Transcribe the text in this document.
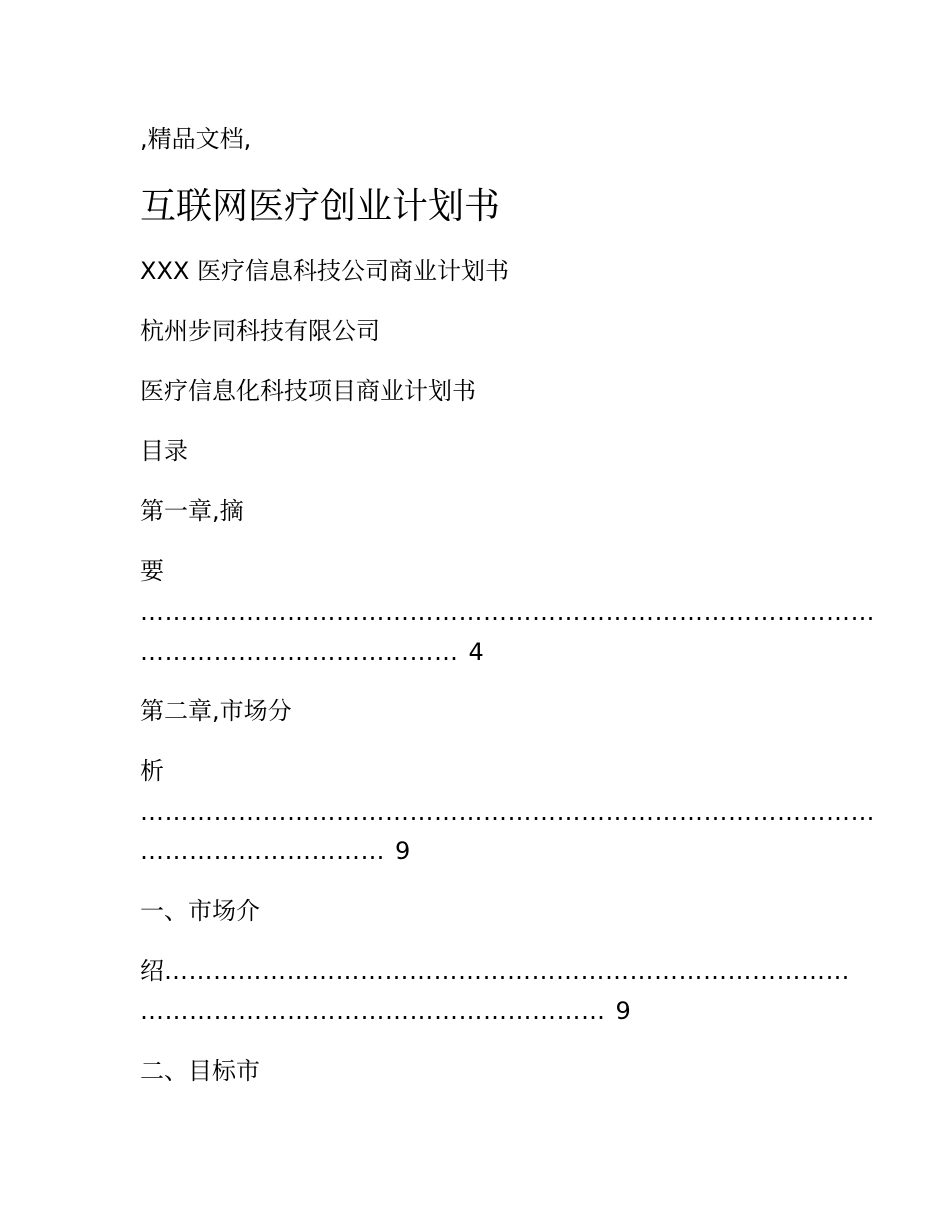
,精品文档,
互联网医疗创业计划书
XXX 医疗信息科技公司商业计划书
杭州步同科技有限公司
医疗信息化科技项目商业计划书
目录
第一章,摘
要
………………………………………………………………………………
………………………………… 4
第二章,市场分
析
………………………………………………………………………………
………………………… 9
一、市场介
绍…………………………………………………………………………
………………………………………………… 9
二、目标市
